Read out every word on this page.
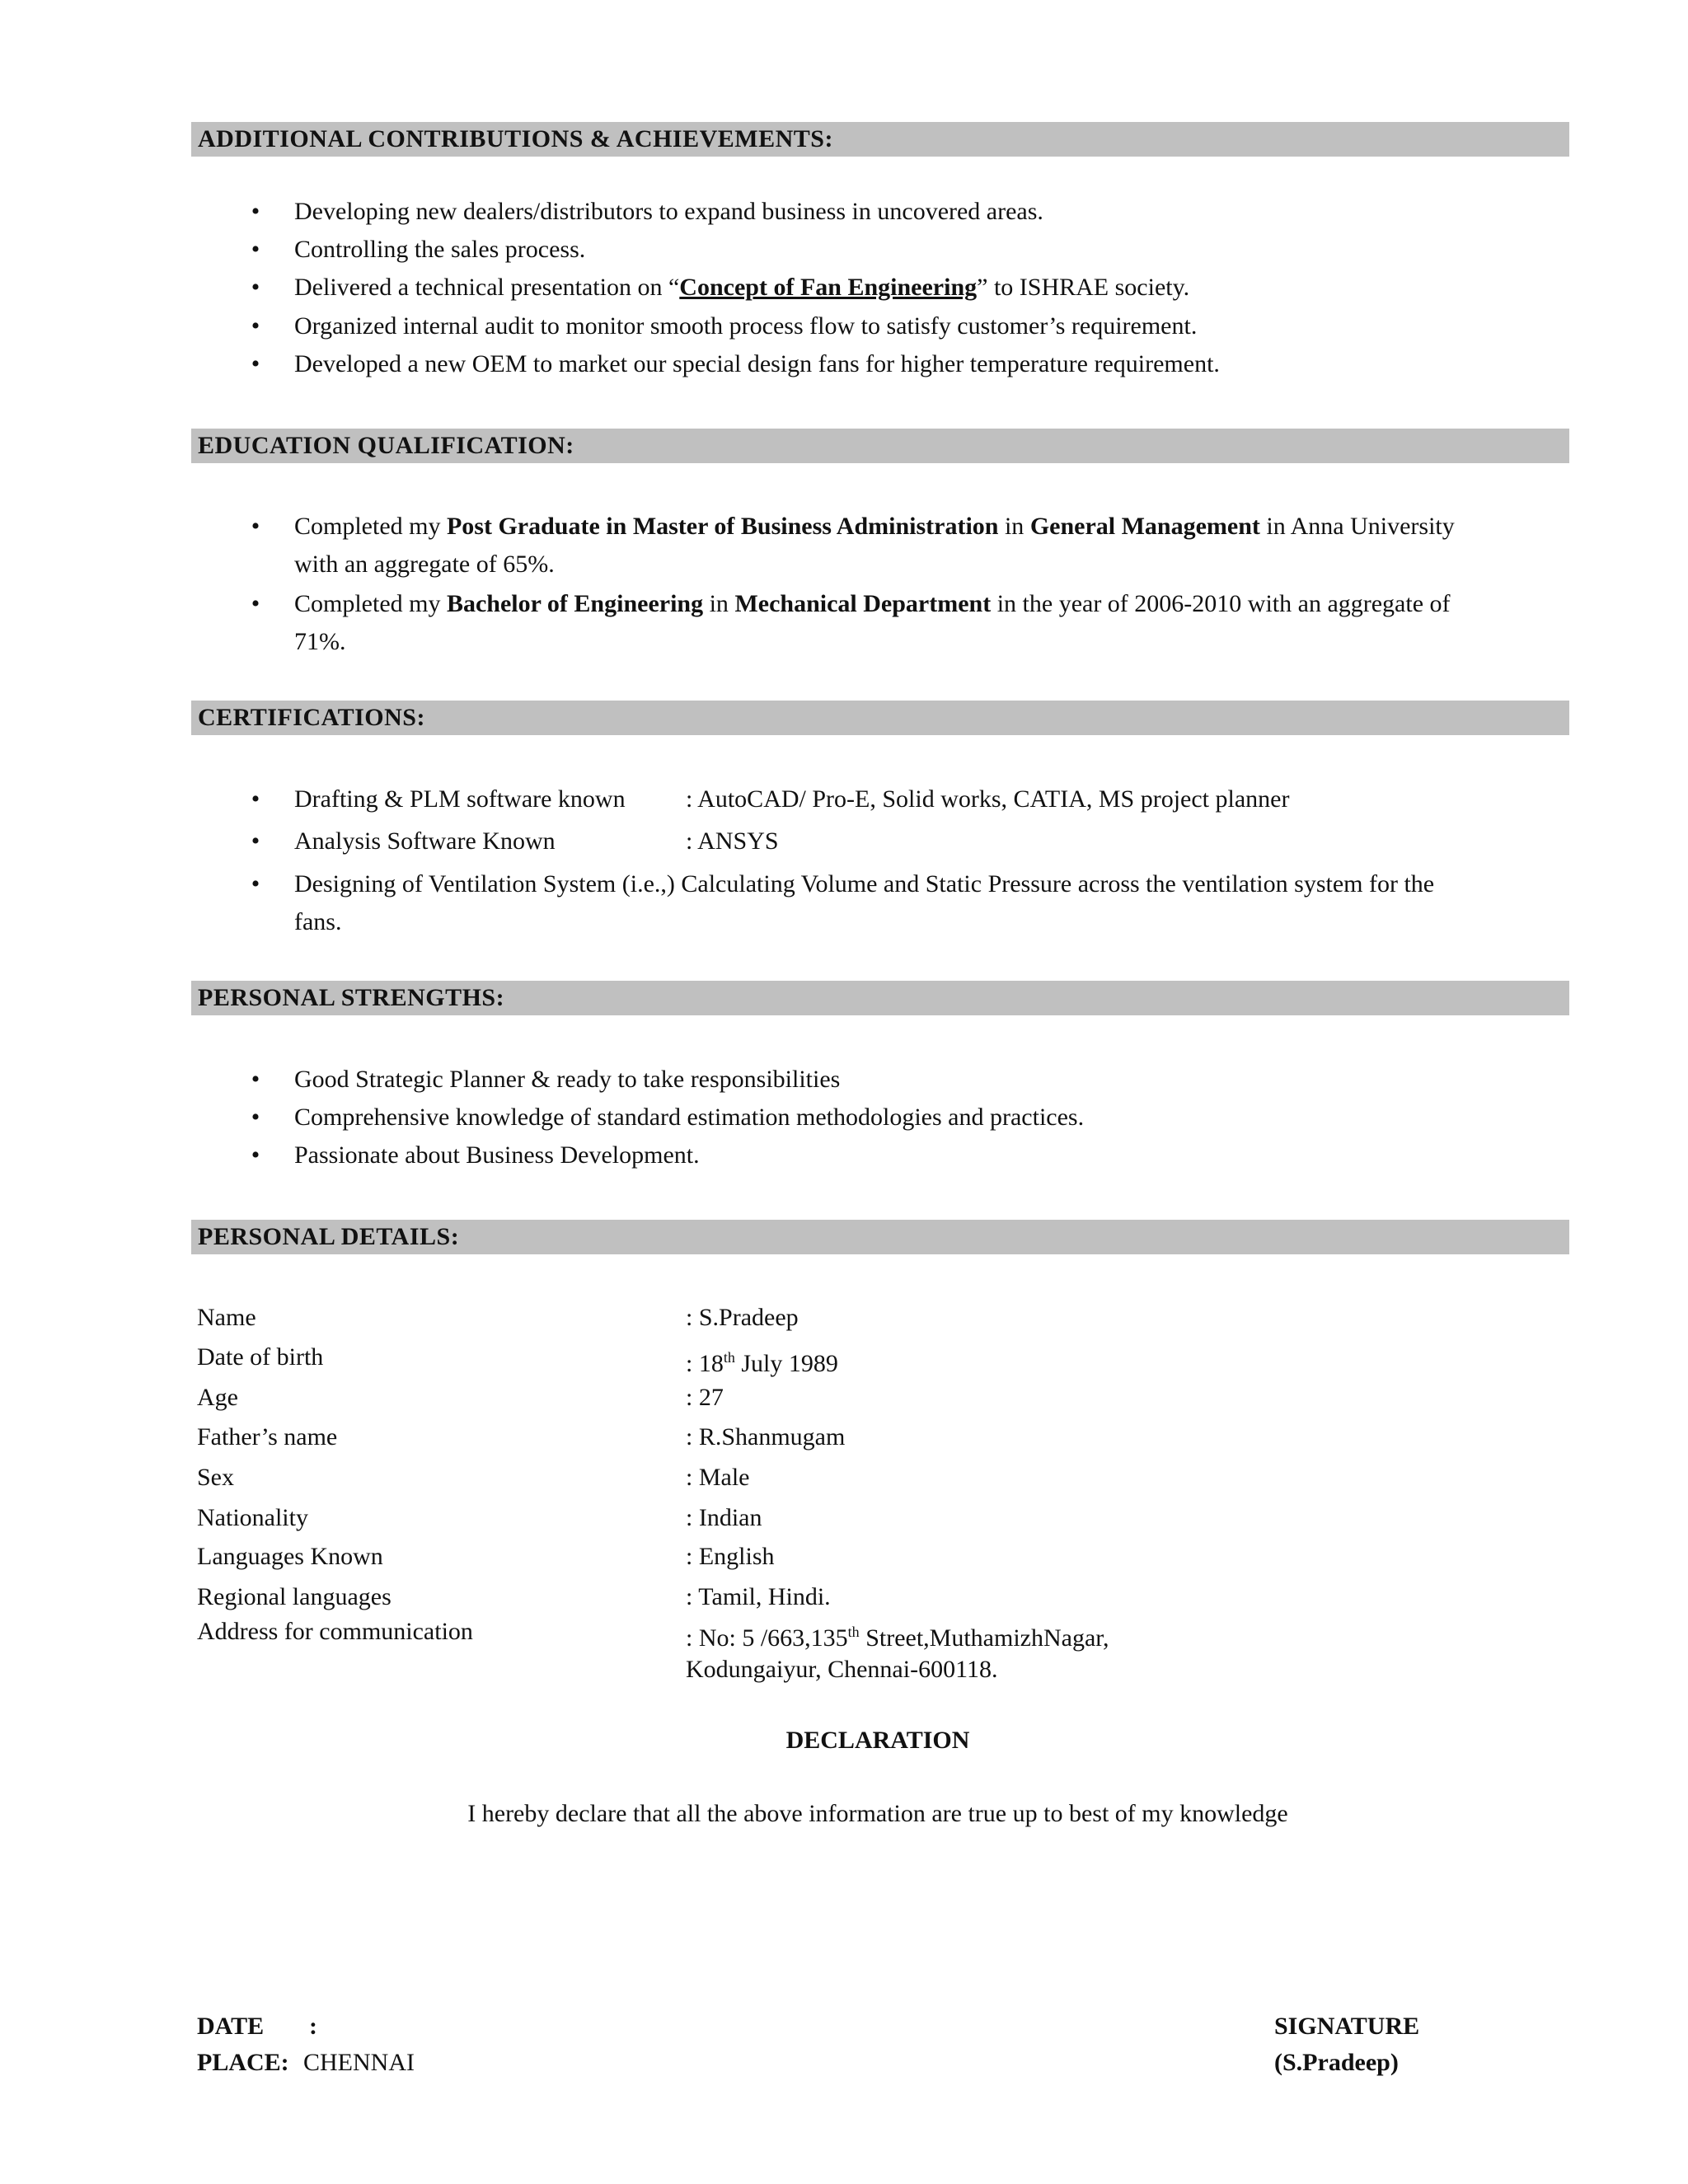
ADDITIONAL CONTRIBUTIONS & ACHIEVEMENTS:
• Developing new dealers/distributors to expand business in uncovered areas.
• Controlling the sales process.
• Delivered a technical presentation on “Concept of Fan Engineering” to ISHRAE society.
• Organized internal audit to monitor smooth process flow to satisfy customer’s requirement.
• Developed a new OEM to market our special design fans for higher temperature requirement.
EDUCATION QUALIFICATION:
• Completed my Post Graduate in Master of Business Administration in General Management in Anna University
with an aggregate of 65%.
• Completed my Bachelor of Engineering in Mechanical Department in the year of 2006-2010 with an aggregate of
71%.
CERTIFICATIONS:
• Drafting & PLM software known	: AutoCAD/ Pro-E, Solid works, CATIA, MS project planner
• Analysis Software Known	: ANSYS
• Designing of Ventilation System (i.e.,) Calculating Volume and Static Pressure across the ventilation system for the
fans.
PERSONAL STRENGTHS:
• Good Strategic Planner & ready to take responsibilities
• Comprehensive knowledge of standard estimation methodologies and practices.
• Passionate about Business Development.
PERSONAL DETAILS:
Name	: S.Pradeep
Date of birth	: 18th July 1989
Age	: 27
Father’s name	: R.Shanmugam
Sex	: Male
Nationality	: Indian
Languages Known	: English
Regional languages	: Tamil, Hindi.
Address for communication	: No: 5 /663,135th Street,MuthamizhNagar,
Kodungaiyur, Chennai-600118.
DECLARATION
I hereby declare that all the above information are true up to best of my knowledge
DATE :
PLACE: CHENNAI
SIGNATURE
(S.Pradeep)
